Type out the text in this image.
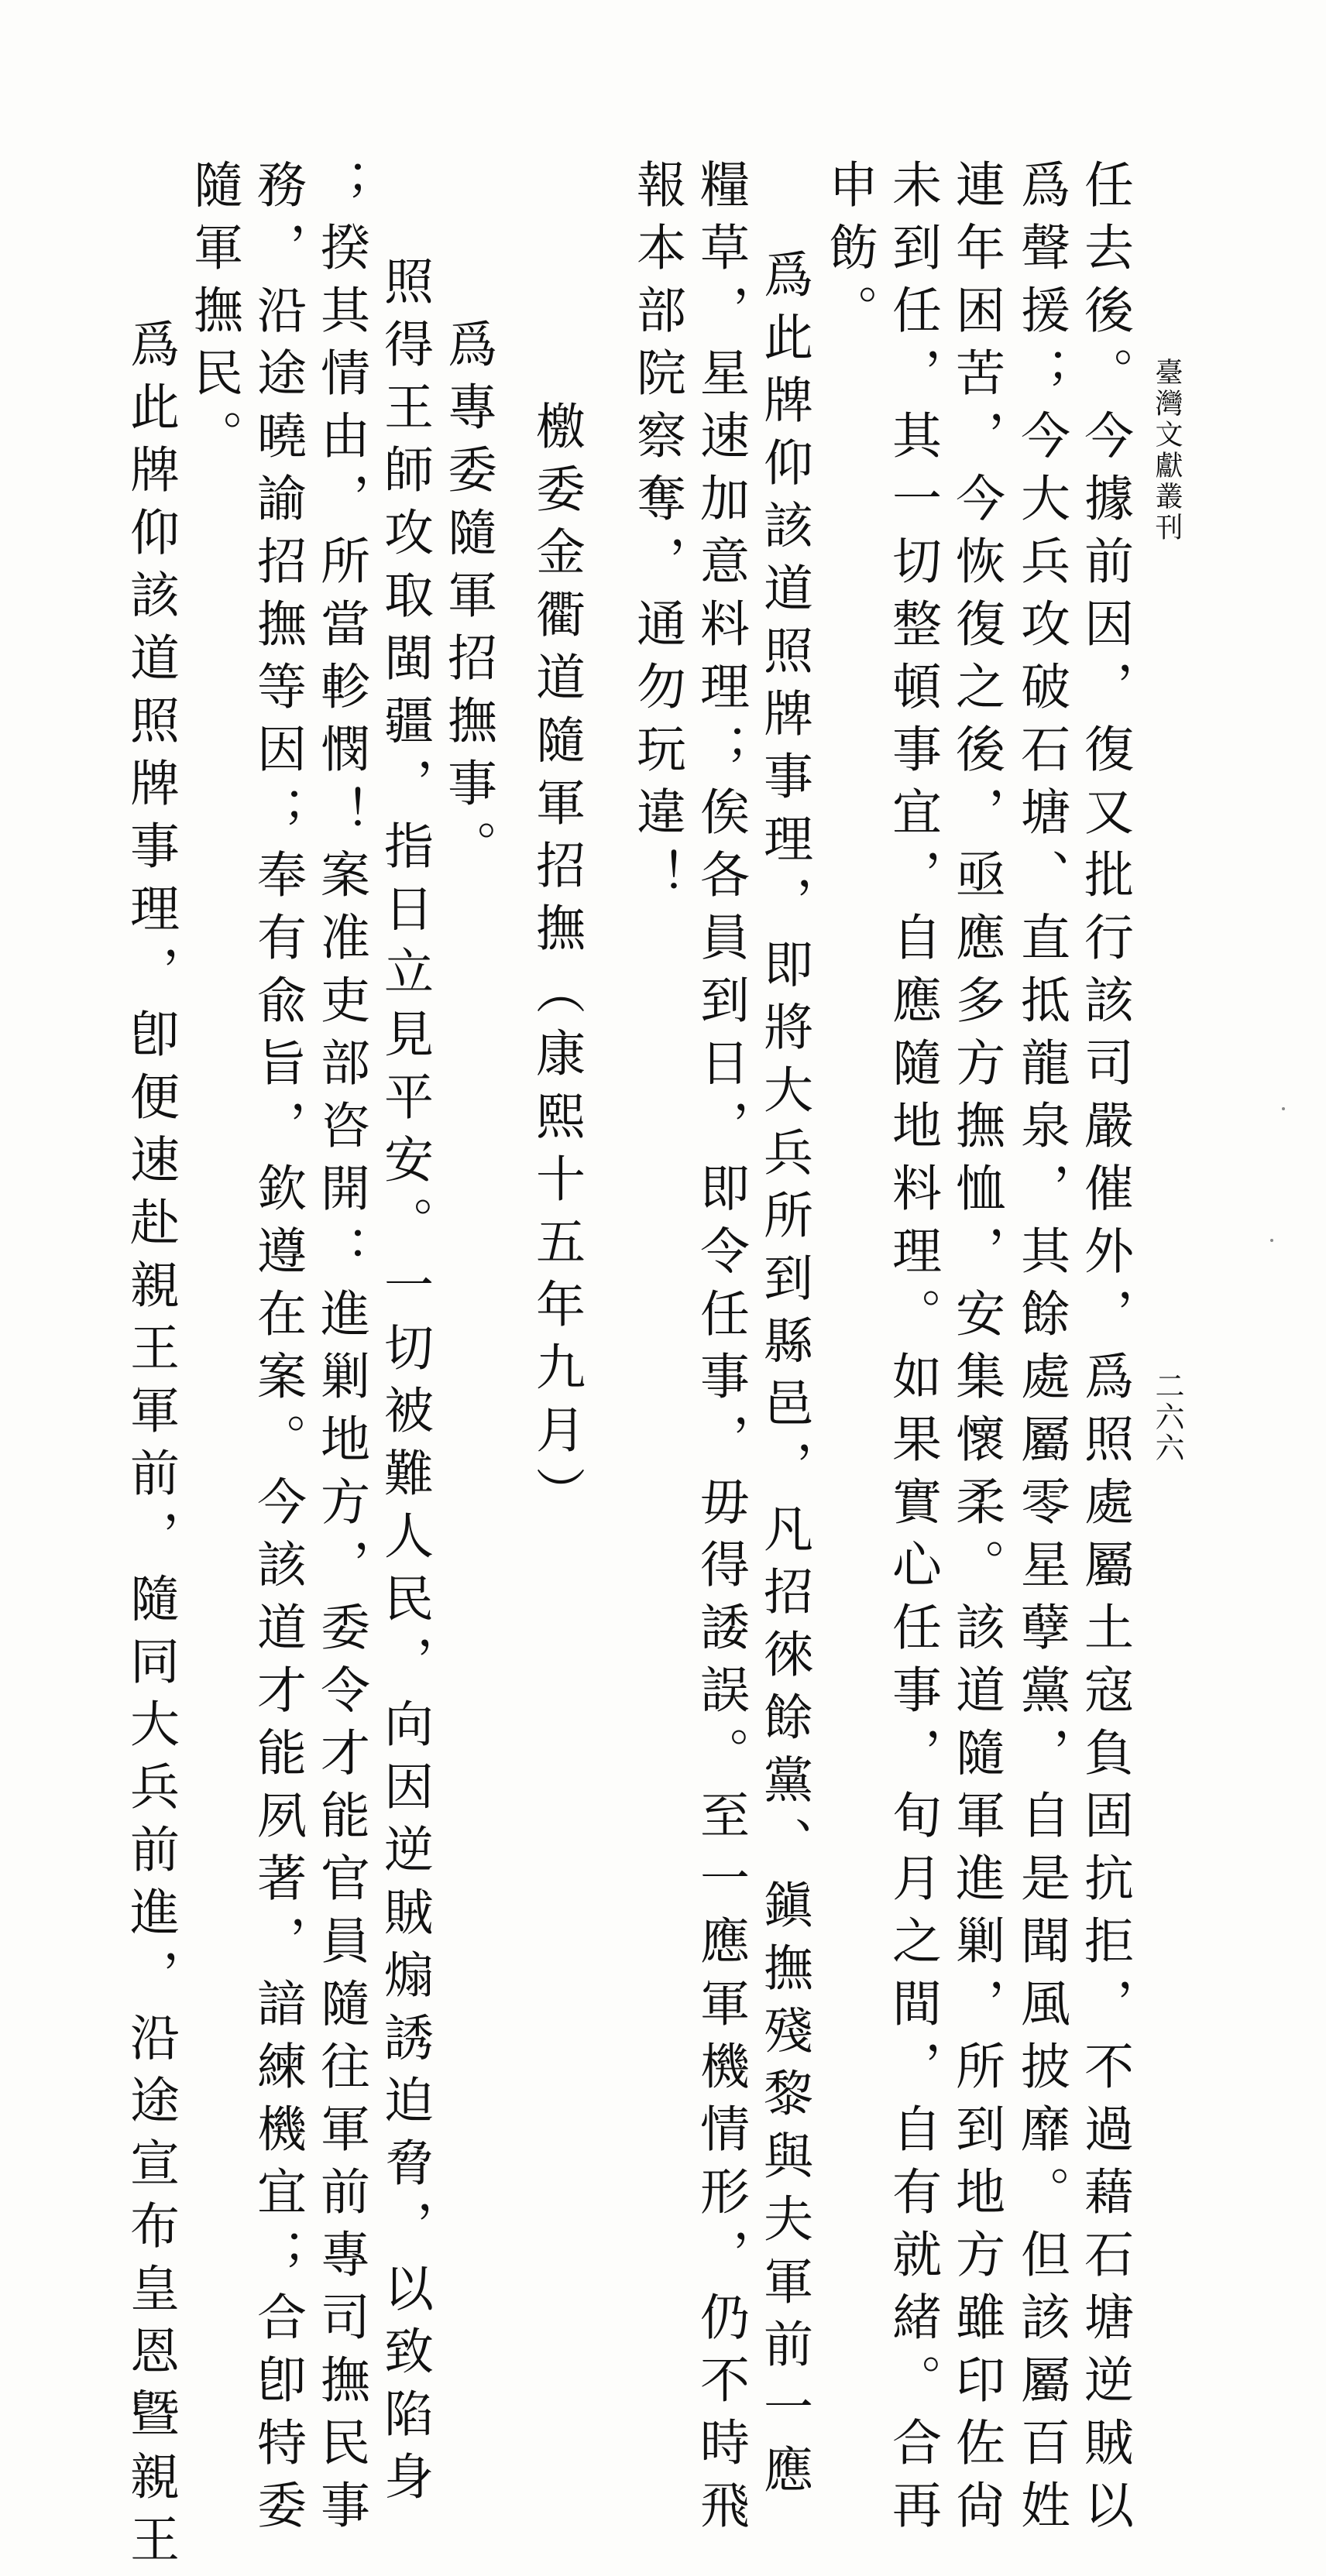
臺灣文獻叢刊
二六六
任去後。今據前因，復又批行該司嚴催外，爲照處屬土寇負固抗拒，不過藉石塘逆賊以
爲聲援；今大兵攻破石塘、直抵龍泉，其餘處屬零星孽黨，自是聞風披靡。但該屬百姓
連年困苦，今恢復之後，亟應多方撫恤，安集懷柔。該道隨軍進剿，所到地方雖印佐尙
未到任，其一切整頓事宜，自應隨地料理。如果實心任事，旬月之間，自有就緒。合再
申飭。
　爲此牌仰該道照牌事理，即將大兵所到縣邑，凡招徠餘黨、鎭撫殘黎與夫軍前一應
糧草，星速加意料理；俟各員到日，即令任事，毋得諉誤。至一應軍機情形，仍不時飛
報本部院察奪，通勿玩違！
　　檄委金衢道隨軍招撫（康熙十五年九月）
　爲專委隨軍招撫事。
照得王師攻取閩疆，指日立見平安。一切被難人民，向因逆賊煽誘迫脅，以致陷身
；揆其情由，所當軫憫！案准吏部咨開：進剿地方，委令才能官員隨往軍前專司撫民事
務，沿途曉諭招撫等因；奉有兪旨，欽遵在案。今該道才能夙著，諳練機宜；合卽特委
隨軍撫民。
　爲此牌仰該道照牌事理，卽便速赴親王軍前，隨同大兵前進，沿途宣布皇恩曁親王
